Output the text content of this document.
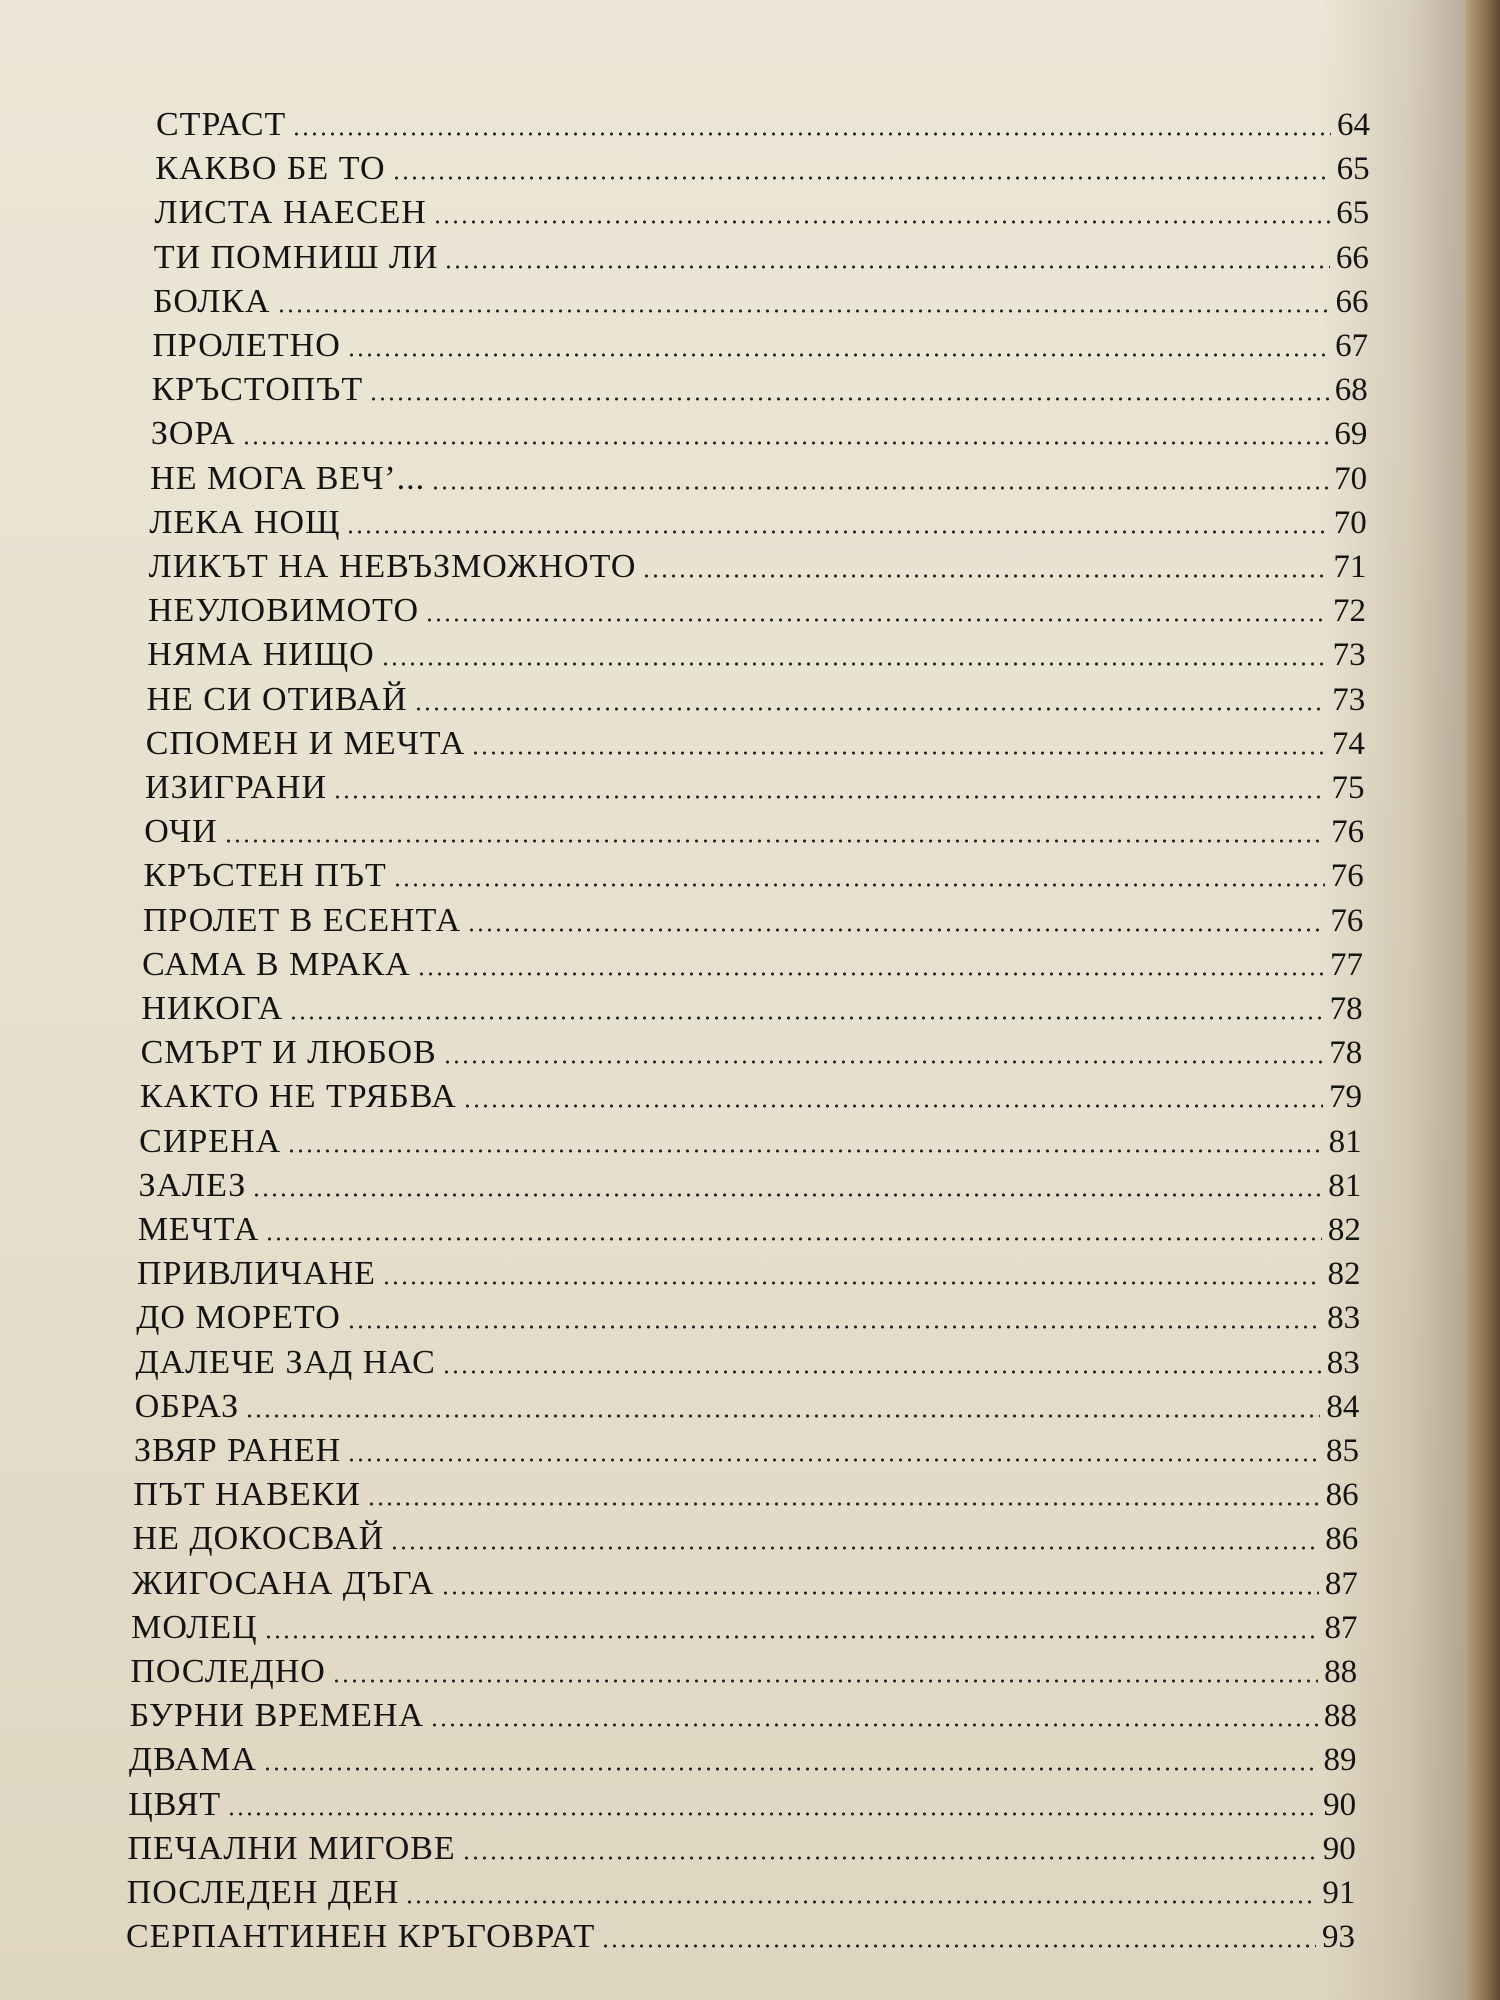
СТРАСТ	64
КАКВО БЕ ТО	65
ЛИСТА НАЕСЕН	65
ТИ ПОМНИШ ЛИ	66
БОЛКА	66
ПРОЛЕТНО	67
КРЪСТОПЪТ	68
ЗОРА	69
НЕ МОГА ВЕЧ’...	70
ЛЕКА НОЩ	70
ЛИКЪТ НА НЕВЪЗМОЖНОТО	71
НЕУЛОВИМОТО	72
НЯМА НИЩО	73
НЕ СИ ОТИВАЙ	73
СПОМЕН И МЕЧТА	74
ИЗИГРАНИ	75
ОЧИ	76
КРЪСТЕН ПЪТ	76
ПРОЛЕТ В ЕСЕНТА	76
САМА В МРАКА	77
НИКОГА	78
СМЪРТ И ЛЮБОВ	78
КАКТО НЕ ТРЯБВА	79
СИРЕНА	81
ЗАЛЕЗ	81
МЕЧТА	82
ПРИВЛИЧАНЕ	82
ДО МОРЕТО	83
ДАЛЕЧЕ ЗАД НАС	83
ОБРАЗ	84
ЗВЯР РАНЕН	85
ПЪТ НАВЕКИ	86
НЕ ДОКОСВАЙ	86
ЖИГОСАНА ДЪГА	87
МОЛЕЦ	87
ПОСЛЕДНО	88
БУРНИ ВРЕМЕНА	88
ДВАМА	89
ЦВЯТ	90
ПЕЧАЛНИ МИГОВЕ	90
ПОСЛЕДЕН ДЕН	91
СЕРПАНТИНЕН КРЪГОВРАТ	93
